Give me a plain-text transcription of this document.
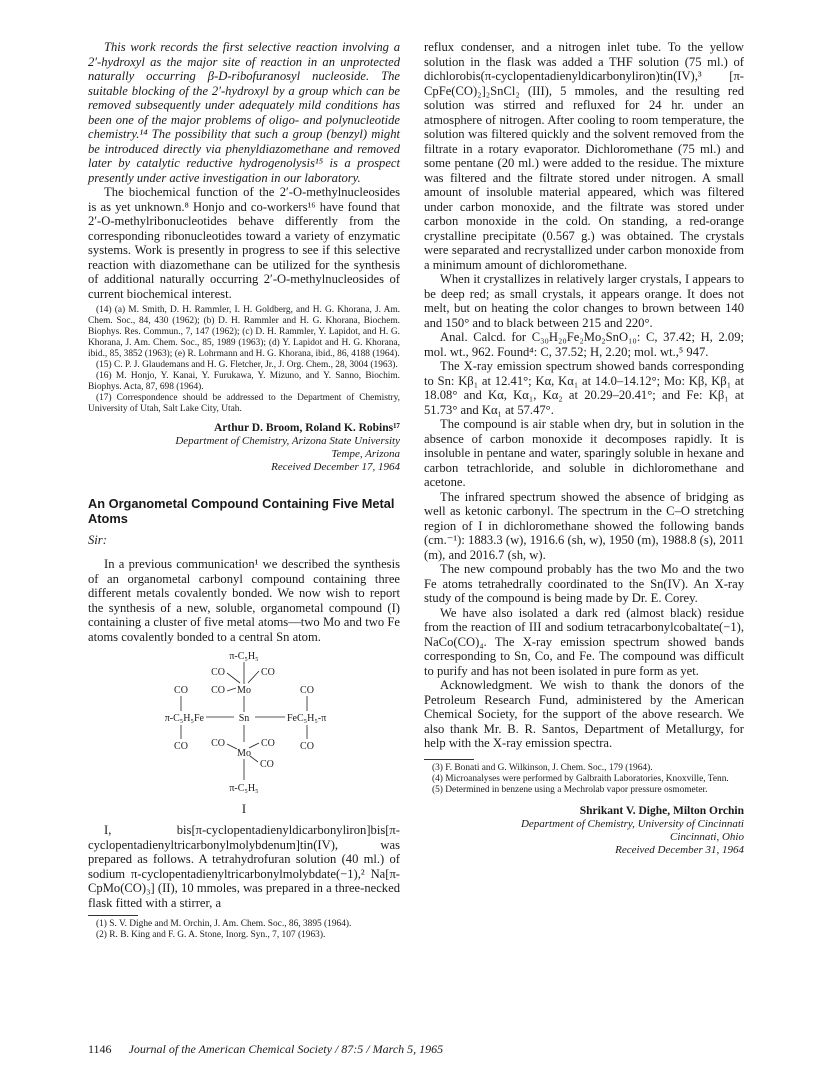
This work records the first selective reaction involving a 2′-hydroxyl as the major site of reaction in an unprotected naturally occurring β-D-ribofuranosyl nucleoside. The suitable blocking of the 2′-hydroxyl by a group which can be removed subsequently under adequately mild conditions has been one of the major problems of oligo- and polynucleotide chemistry.¹⁴ The possibility that such a group (benzyl) might be introduced directly via phenyldiazomethane and removed later by catalytic reductive hydrogenolysis¹⁵ is a prospect presently under active investigation in our laboratory.

The biochemical function of the 2′-O-methylnucleosides is as yet unknown.⁸ Honjo and co-workers¹⁶ have found that 2′-O-methylribonucleotides behave differently from the corresponding ribonucleotides toward a variety of enzymatic systems. Work is presently in progress to see if this selective reaction with diazomethane can be utilized for the synthesis of additional naturally occurring 2′-O-methylnucleosides of current biochemical interest.

(14) (a) M. Smith, D. H. Rammler, I. H. Goldberg, and H. G. Khorana, J. Am. Chem. Soc., 84, 430 (1962); (b) D. H. Rammler and H. G. Khorana, Biochem. Biophys. Res. Commun., 7, 147 (1962); (c) D. H. Rammler, Y. Lapidot, and H. G. Khorana, J. Am. Chem. Soc., 85, 1989 (1963); (d) Y. Lapidot and H. G. Khorana, ibid., 85, 3852 (1963); (e) R. Lohrmann and H. G. Khorana, ibid., 86, 4188 (1964).

(15) C. P. J. Glaudemans and H. G. Fletcher, Jr., J. Org. Chem., 28, 3004 (1963).

(16) M. Honjo, Y. Kanai, Y. Furukawa, Y. Mizuno, and Y. Sanno, Biochim. Biophys. Acta, 87, 698 (1964).

(17) Correspondence should be addressed to the Department of Chemistry, University of Utah, Salt Lake City, Utah.

Arthur D. Broom, Roland K. Robins¹⁷
Department of Chemistry, Arizona State University
Tempe, Arizona
Received December 17, 1964
An Organometal Compound Containing Five Metal Atoms
Sir:

In a previous communication¹ we described the synthesis of an organometal carbonyl compound containing three different metals covalently bonded. We now wish to report the synthesis of a new, soluble, organometal compound (I) containing a cluster of five metal atoms—two Mo and two Fe atoms covalently bonded to a central Sn atom.

π-C₅H₅
CO	CO
Mo
CO
CO	CO
π-C₅H₅Fe	Sn	FeC₅H₅-π
CO	CO
CO	CO
Mo
CO
π-C₅H₅
I

I, bis[π-cyclopentadienyldicarbonyliron]bis[π-cyclopentadienyltricarbonylmolybdenum]tin(IV), was prepared as follows. A tetrahydrofuran solution (40 ml.) of sodium π-cyclopentadienyltricarbonylmolybdate(−1),² Na[π-CpMo(CO)₃] (II), 10 mmoles, was prepared in a three-necked flask fitted with a stirrer, a

(1) S. V. Dighe and M. Orchin, J. Am. Chem. Soc., 86, 3895 (1964).

(2) R. B. King and F. G. A. Stone, Inorg. Syn., 7, 107 (1963).

reflux condenser, and a nitrogen inlet tube. To the yellow solution in the flask was added a THF solution (75 ml.) of dichlorobis(π-cyclopentadienyldicarbonyliron)tin(IV),³ [π-CpFe(CO)₂]₂SnCl₂ (III), 5 mmoles, and the resulting red solution was stirred and refluxed for 24 hr. under an atmosphere of nitrogen. After cooling to room temperature, the solution was filtered quickly and the solvent removed from the filtrate in a rotary evaporator. Dichloromethane (75 ml.) and some pentane (20 ml.) were added to the residue. The mixture was filtered and the filtrate stored under nitrogen. A small amount of insoluble material appeared, which was filtered under carbon monoxide, and the filtrate was stored under carbon monoxide in the cold. On standing, a red-orange crystalline precipitate (0.567 g.) was obtained. The crystals were separated and recrystallized under carbon monoxide from a minimum amount of dichloromethane.

When it crystallizes in relatively larger crystals, I appears to be deep red; as small crystals, it appears orange. It does not melt, but on heating the color changes to brown between 140 and 150° and to black between 215 and 220°.

Anal. Calcd. for C₃₀H₂₀Fe₂Mo₂SnO₁₀: C, 37.42; H, 2.09; mol. wt., 962. Found⁴: C, 37.52; H, 2.20; mol. wt.,⁵ 947.

The X-ray emission spectrum showed bands corresponding to Sn: Kβ₁ at 12.41°; Kα, Kα₁ at 14.0–14.12°; Mo: Kβ, Kβ₁ at 18.08° and Kα, Kα₁, Kα₂ at 20.29–20.41°; and Fe: Kβ₁ at 51.73° and Kα₁ at 57.47°.

The compound is air stable when dry, but in solution in the absence of carbon monoxide it decomposes rapidly. It is insoluble in pentane and water, sparingly soluble in hexane and carbon tetrachloride, and soluble in dichloromethane and acetone.

The infrared spectrum showed the absence of bridging as well as ketonic carbonyl. The spectrum in the C–O stretching region of I in dichloromethane showed the following bands (cm.⁻¹): 1883.3 (w), 1916.6 (sh, w), 1950 (m), 1988.8 (s), 2011 (m), and 2016.7 (sh, w).

The new compound probably has the two Mo and the two Fe atoms tetrahedrally coordinated to the Sn(IV). An X-ray study of the compound is being made by Dr. E. Corey.

We have also isolated a dark red (almost black) residue from the reaction of III and sodium tetracarbonylcobaltate(−1), NaCo(CO)₄. The X-ray emission spectrum showed bands corresponding to Sn, Co, and Fe. The compound was difficult to purify and has not been isolated in pure form as yet.

Acknowledgment. We wish to thank the donors of the Petroleum Research Fund, administered by the American Chemical Society, for the support of the above research. We also thank Mr. B. R. Santos, Department of Metallurgy, for help with the X-ray emission spectra.

(3) F. Bonati and G. Wilkinson, J. Chem. Soc., 179 (1964).

(4) Microanalyses were performed by Galbraith Laboratories, Knoxville, Tenn.

(5) Determined in benzene using a Mechrolab vapor pressure osmometer.

Shrikant V. Dighe, Milton Orchin
Department of Chemistry, University of Cincinnati
Cincinnati, Ohio
Received December 31, 1964
1146 Journal of the American Chemical Society / 87:5 / March 5, 1965
